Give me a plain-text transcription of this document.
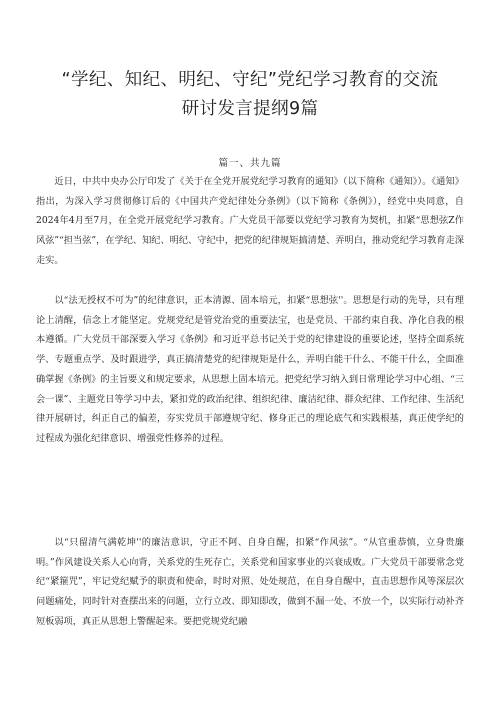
“学纪、知纪、明纪、守纪”党纪学习教育的交流
研讨发言提纲9篇
篇一、共九篇

近日，中共中央办公厅印发了《关于在全党开展党纪学习教育的通知》（以下简称《通知》）。《通知》指出，为深入学习贯彻修订后的《中国共产党纪律处分条例》（以下简称《条例》），经党中央同意，自2024年4月至7月，在全党开展党纪学习教育。广大党员干部要以党纪学习教育为契机，扣紧“思想弦Z作风弦”“担当弦”，在学纪、知纪、明纪、守纪中，把党的纪律规矩搞清楚、弄明白，推动党纪学习教育走深走实。

以“法无授权不可为”的纪律意识，正本清源、固本培元，扣紧“思想弦''。思想是行动的先导，只有理论上清醒，信念上才能坚定。党规党纪是管党治党的重要法宝，也是党员、干部约束自我、净化自我的根本遵循。广大党员干部深要入学习《条例》和习近平总书记关于党的纪律建设的重要论述，坚持全面系统学、专题重点学、及时跟进学，真正搞清楚党的纪律规矩是什么，弄明白能干什么、不能干什么，全面准确掌握《条例》的主旨要义和规定要求，从思想上固本培元。把党纪学习纳入到日常理论学习中心组、“三会一课”、主题党日等学习中去，紧扣党的政治纪律、组织纪律、廉洁纪律、群众纪律、工作纪律、生活纪律开展研讨，纠正自己的偏差，夯实党员干部遵规守纪、修身正己的理论底气和实践根基，真正使学纪的过程成为强化纪律意识、增强党性修养的过程。

以“只留清气满乾坤''的廉洁意识，守正不阿、自身自醒，扣紧“作风弦”。“从官重恭慎，立身贵廉明。”作风建设关系人心向背，关系党的生死存亡，关系党和国家事业的兴衰成败。广大党员干部要常念党纪“紧箍咒”，牢记党纪赋予的职责和使命，时时对照、处处规范，在自身自醒中，直击思想作风等深层次问题痛处，同时针对查摆出来的问题，立行立改、即知即改，做到不漏一处、不放一个，以实际行动补齐短板弱项，真正从思想上警醒起来。要把党规党纪融
